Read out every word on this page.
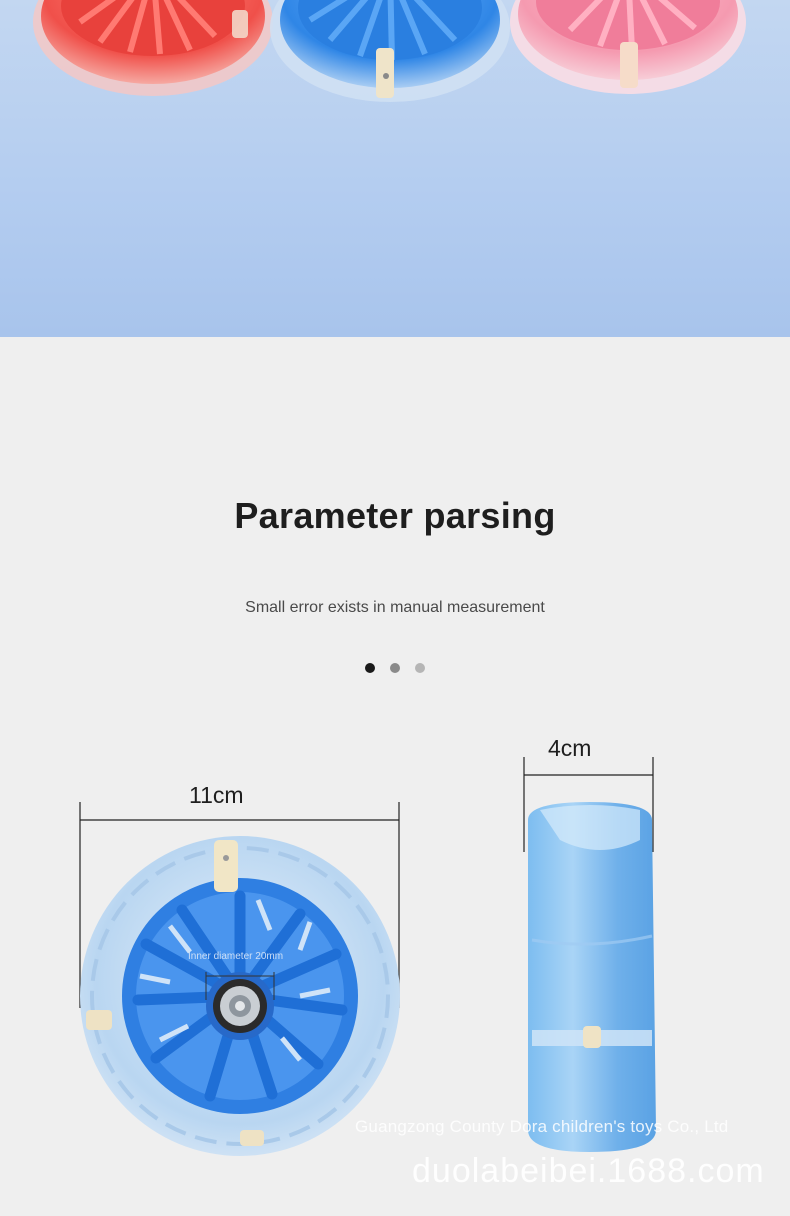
Parameter parsing

Small error exists in manual measurement

11cm
4cm
Inner diameter 20mm
Guangzong County Dora children's toys Co., Ltd
duolabeibei.1688.com
